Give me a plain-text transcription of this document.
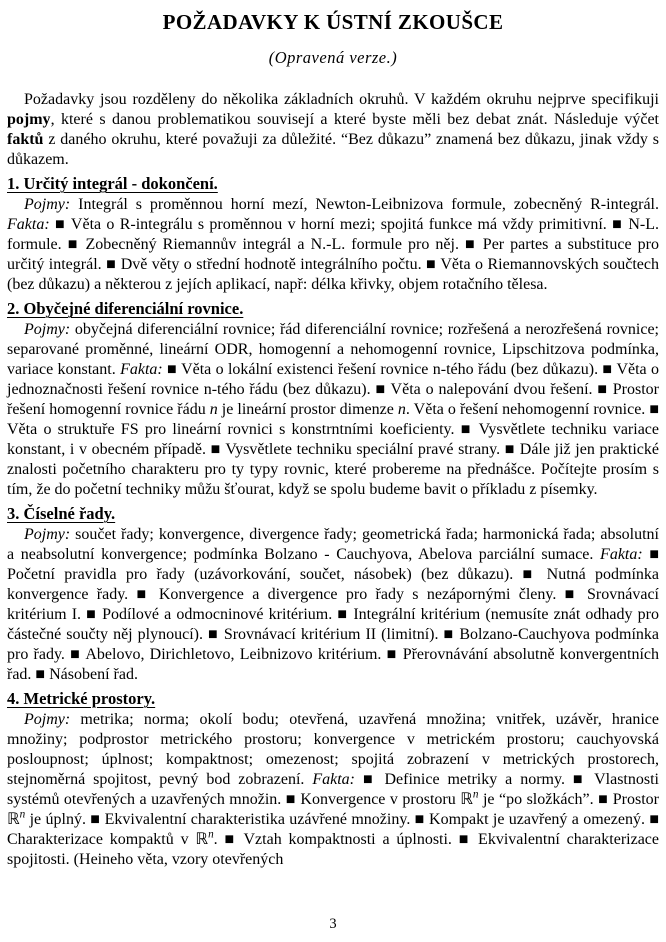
POŽADAVKY K ÚSTNÍ ZKOUŠCE
(Opravená verze.)

Požadavky jsou rozděleny do několika základních okruhů. V každém okruhu nejprve specifikuji pojmy, které s danou problematikou souvisejí a které byste měli bez debat znát. Následuje výčet faktů z daného okruhu, které považuji za důležité. “Bez důkazu” znamená bez důkazu, jinak vždy s důkazem.

1. Určitý integrál - dokončení.

Pojmy: Integrál s proměnnou horní mezí, Newton-Leibnizova formule, zobecněný R-integrál. Fakta: ■ Věta o R-integrálu s proměnnou v horní mezi; spojitá funkce má vždy primitivní. ■ N-L. formule. ■ Zobecněný Riemannův integrál a N.-L. formule pro něj. ■ Per partes a substituce pro určitý integrál. ■ Dvě věty o střední hodnotě integrálního počtu. ■ Věta o Riemannovských součtech (bez důkazu) a některou z jejích aplikací, např: délka křivky, objem rotačního tělesa.

2. Obyčejné diferenciální rovnice.

Pojmy: obyčejná diferenciální rovnice; řád diferenciální rovnice; rozřešená a nerozřešená rovnice; separované proměnné, lineární ODR, homogenní a nehomogenní rovnice, Lipschitzova podmínka, variace konstant. Fakta: ■ Věta o lokální existenci řešení rovnice n-tého řádu (bez důkazu). ■ Věta o jednoznačnosti řešení rovnice n-tého řádu (bez důkazu). ■ Věta o nalepování dvou řešení. ■ Prostor řešení homogenní rovnice řádu n je lineární prostor dimenze n. Věta o řešení nehomogenní rovnice. ■ Věta o struktuře FS pro lineární rovnici s konstrntními koeficienty. ■ Vysvětlete techniku variace konstant, i v obecném případě. ■ Vysvětlete techniku speciální pravé strany. ■ Dále již jen praktické znalosti početního charakteru pro ty typy rovnic, které probereme na přednášce. Počítejte prosím s tím, že do početní techniky můžu šťourat, když se spolu budeme bavit o příkladu z písemky.

3. Číselné řady.

Pojmy: součet řady; konvergence, divergence řady; geometrická řada; harmonická řada; absolutní a neabsolutní konvergence; podmínka Bolzano - Cauchyova, Abelova parciální sumace. Fakta: ■ Početní pravidla pro řady (uzávorkování, součet, násobek) (bez důkazu). ■ Nutná podmínka konvergence řady. ■ Konvergence a divergence pro řady s nezápornými členy. ■ Srovnávací kritérium I. ■ Podílové a odmocninové kritérium. ■ Integrální kritérium (nemusíte znát odhady pro částečné součty něj plynoucí). ■ Srovnávací kritérium II (limitní). ■ Bolzano-Cauchyova podmínka pro řady. ■ Abelovo, Dirichletovo, Leibnizovo kritérium. ■ Přerovnávání absolutně konvergentních řad. ■ Násobení řad.

4. Metrické prostory.

Pojmy: metrika; norma; okolí bodu; otevřená, uzavřená množina; vnitřek, uzávěr, hranice množiny; podprostor metrického prostoru; konvergence v metrickém prostoru; cauchyovská posloupnost; úplnost; kompaktnost; omezenost; spojitá zobrazení v metrických prostorech, stejnoměrná spojitost, pevný bod zobrazení. Fakta: ■ Definice metriky a normy. ■ Vlastnosti systémů otevřených a uzavřených množin. ■ Konvergence v prostoru ℝ$^n$ je “po složkách”. ■ Prostor ℝ$^n$ je úplný. ■ Ekvivalentní charakteristika uzávřené množiny. ■ Kompakt je uzavřený a omezený. ■ Charakterizace kompaktů v ℝ$^n$. ■ Vztah kompaktnosti a úplnosti. ■ Ekvivalentní charakterizace spojitosti. (Heineho věta, vzory otevřených

3
